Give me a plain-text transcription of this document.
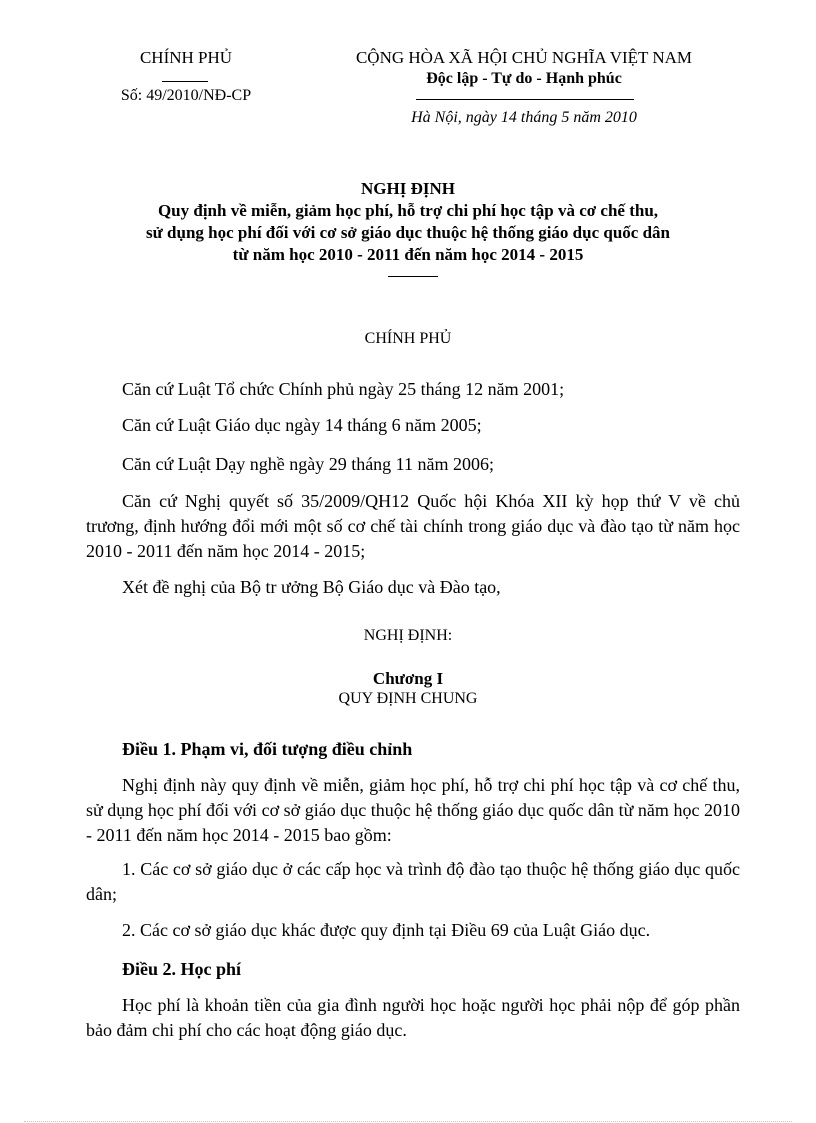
CHÍNH PHỦ
Số: 49/2010/NĐ-CP
CỘNG HÒA XÃ HỘI CHỦ NGHĨA VIỆT NAM
Độc lập - Tự do - Hạnh phúc
Hà Nội, ngày 14 tháng 5 năm 2010
NGHỊ ĐỊNH
Quy định về miễn, giảm học phí, hỗ trợ chi phí học tập và cơ chế thu,
sử dụng học phí đối với cơ sở giáo dục thuộc hệ thống giáo dục quốc dân
từ năm học 2010 - 2011 đến năm học 2014 - 2015
CHÍNH PHỦ
Căn cứ Luật Tổ chức Chính phủ ngày 25 tháng 12 năm 2001;
Căn cứ Luật Giáo dục ngày 14 tháng 6 năm 2005;
Căn cứ Luật Dạy nghề ngày 29 tháng 11 năm 2006;
Căn cứ Nghị quyết số 35/2009/QH12 Quốc hội Khóa XII kỳ họp thứ V về chủ trương, định hướng đổi mới một số cơ chế tài chính trong giáo dục và đào tạo từ năm học 2010 - 2011 đến năm học 2014 - 2015;
Xét đề nghị của Bộ tr ưởng Bộ Giáo dục và Đào tạo,
NGHỊ ĐỊNH:
Chương I
QUY ĐỊNH CHUNG
Điều 1. Phạm vi, đối tượng điều chỉnh
Nghị định này quy định về miễn, giảm học phí, hỗ trợ chi phí học tập và cơ chế thu, sử dụng học phí đối với cơ sở giáo dục thuộc hệ thống giáo dục quốc dân từ năm học 2010 - 2011 đến năm học 2014 - 2015 bao gồm:
1. Các cơ sở giáo dục ở các cấp học và trình độ đào tạo thuộc hệ thống giáo dục quốc dân;
2. Các cơ sở giáo dục khác được quy định tại Điều 69 của Luật Giáo dục.
Điều 2. Học phí
Học phí là khoản tiền của gia đình người học hoặc người học phải nộp để góp phần bảo đảm chi phí cho các hoạt động giáo dục.
